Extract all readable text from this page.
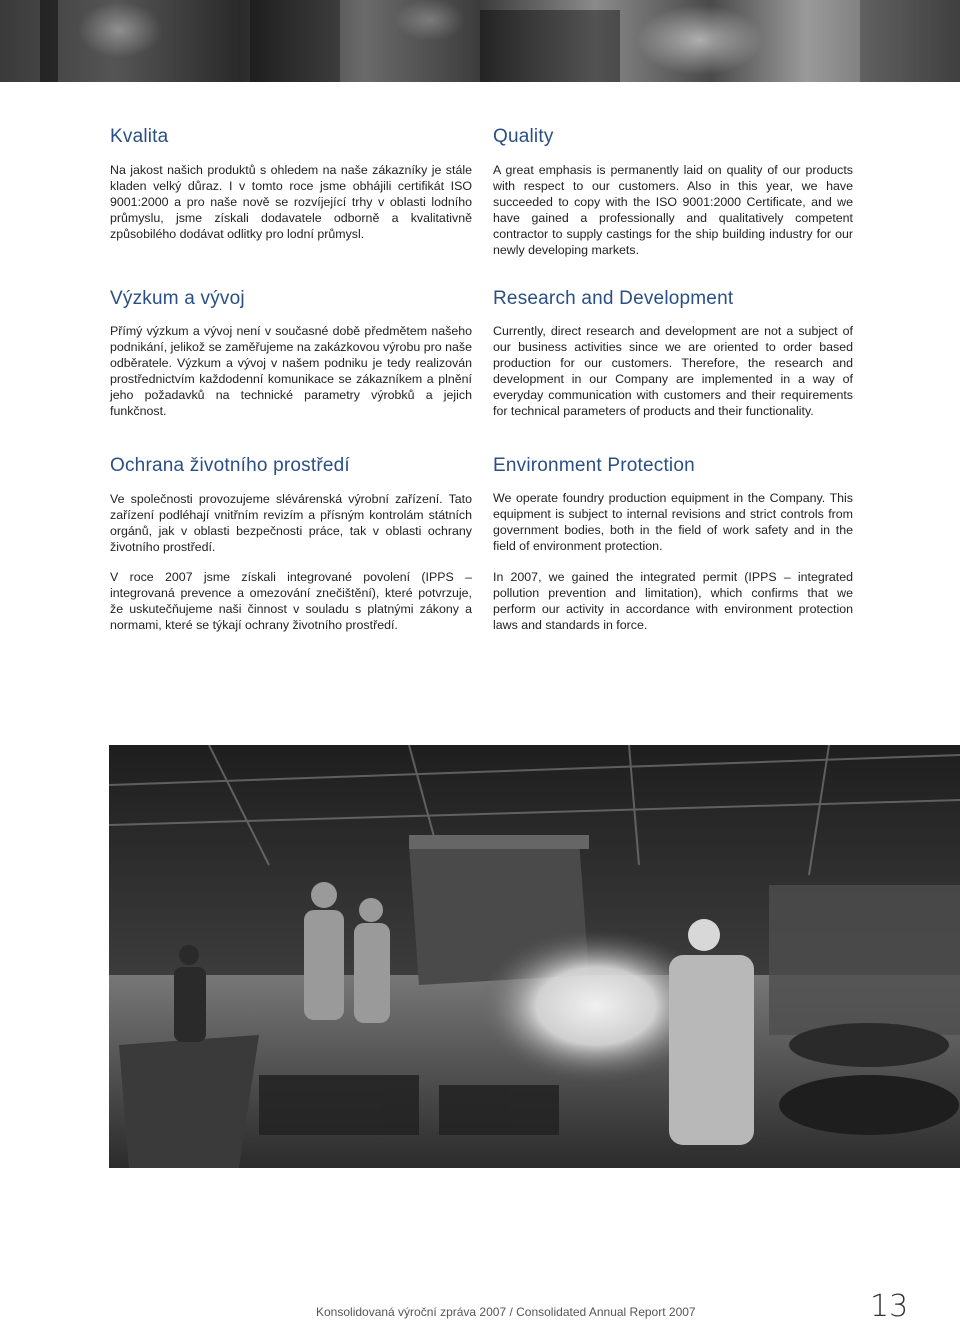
Kvalita

Na jakost našich produktů s ohledem na naše zákazníky je stále kladen velký důraz. I v tomto roce jsme obhájili certifikát ISO 9001:2000 a pro naše nově se rozvíjející trhy v oblasti lodního průmyslu, jsme získali dodavatele odborně a kvalitativně způsobilého dodávat odlitky pro lodní průmysl.

Výzkum a vývoj

Přímý výzkum a vývoj není v současné době předmětem našeho podnikání, jelikož se zaměřujeme na zakázkovou výrobu pro naše odběratele. Výzkum a vývoj v našem podniku je tedy realizován prostřednictvím každodenní komunikace se zákazníkem a plnění jeho požadavků na technické parametry výrobků a jejich funkčnost.

Ochrana životního prostředí

Ve společnosti provozujeme slévárenská výrobní zařízení. Tato zařízení podléhají vnitřním revizím a přísným kontrolám státních orgánů, jak v oblasti bezpečnosti práce, tak v oblasti ochrany životního prostředí.

V roce 2007 jsme získali integrované povolení (IPPS – integrovaná prevence a omezování znečištění), které potvrzuje, že uskutečňujeme naši činnost v souladu s platnými zákony a normami, které se týkají ochrany životního prostředí.

Quality

A great emphasis is permanently laid on quality of our products with respect to our customers. Also in this year, we have succeeded to copy with the ISO 9001:2000 Certificate, and we have gained a professionally and qualitatively competent contractor to supply castings for the ship building industry for our newly developing markets.

Research and Development

Currently, direct research and development are not a subject of our business activities since we are oriented to order based production for our customers. Therefore, the research and development in our Company are implemented in a way of everyday communication with customers and their requirements for technical parameters of products and their functionality.

Environment Protection

We operate foundry production equipment in the Company. This equipment is subject to internal revisions and strict controls from government bodies, both in the field of work safety and in the field of environment protection.

In 2007, we gained the integrated permit (IPPS – integrated pollution prevention and limitation), which confirms that we perform our activity in accordance with environment protection laws and standards in force.

Konsolidovaná výroční zpráva 2007 / Consolidated Annual Report 2007	13
